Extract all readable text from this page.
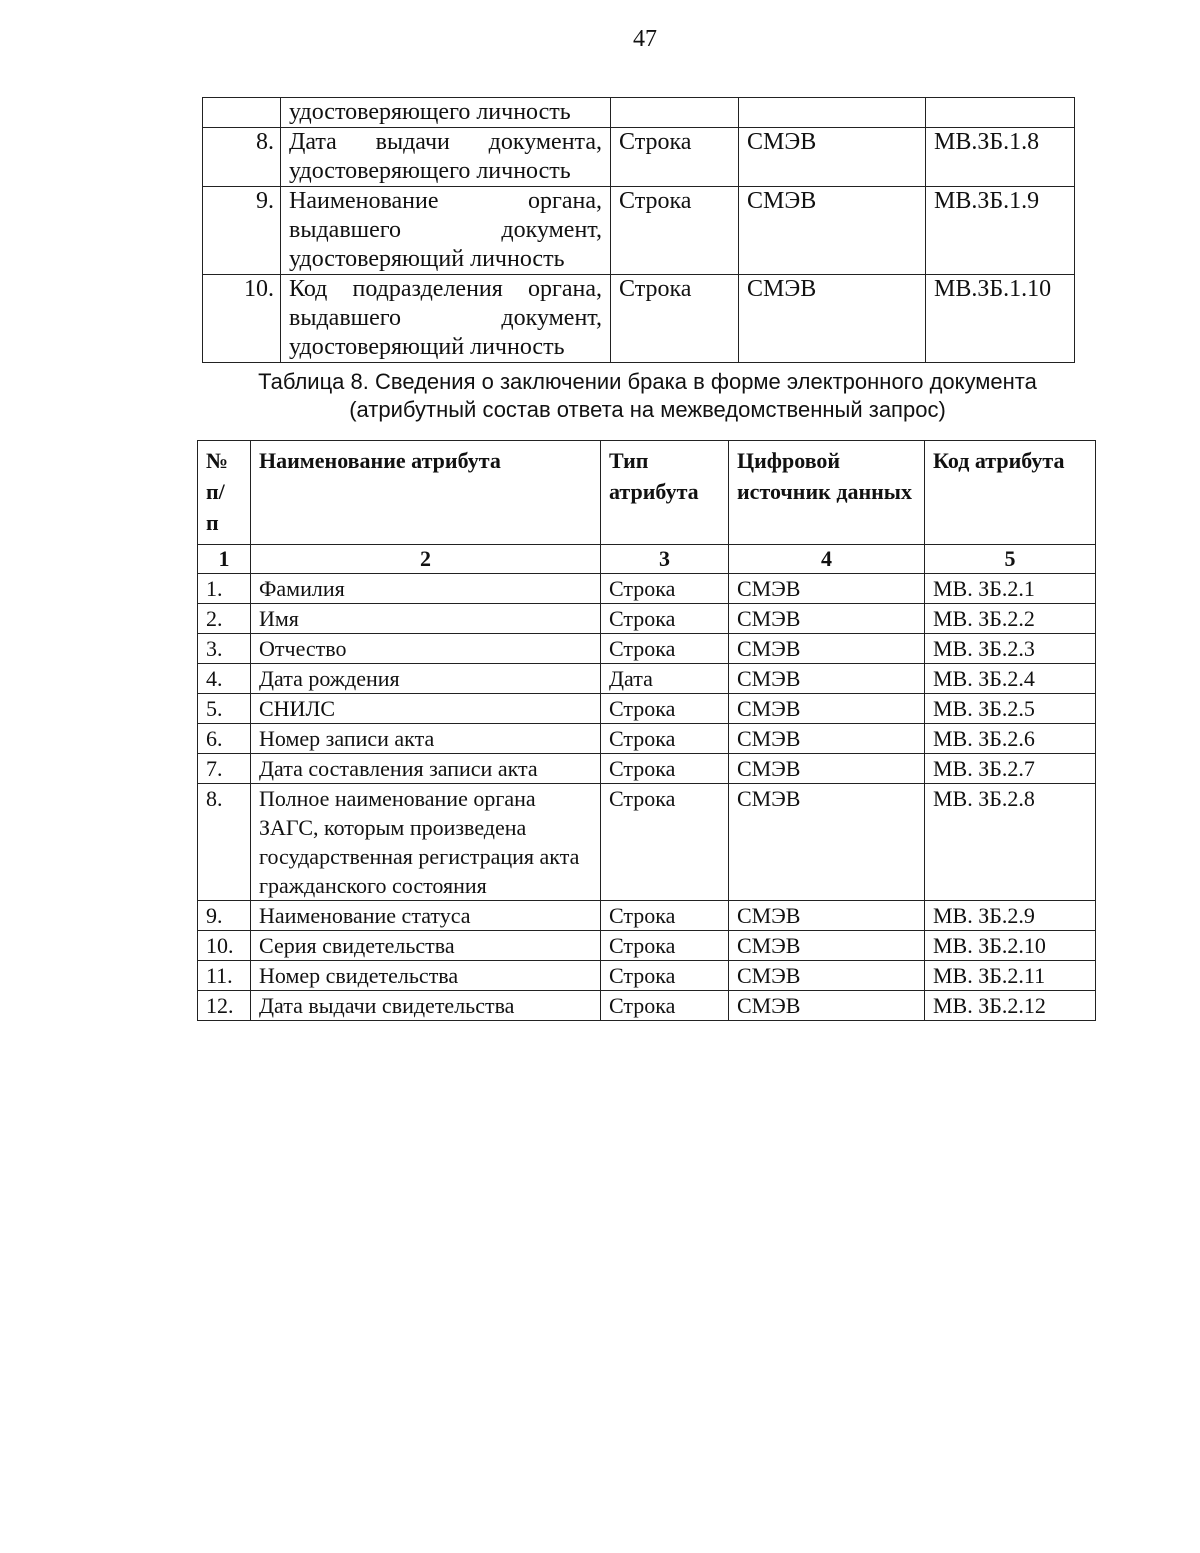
47
	удостоверяющего личность			
8.	Дата выдачи документа, удостоверяющего личность	Строка	СМЭВ	МВ.ЗБ.1.8
9.	Наименование органа, выдавшего документ, удостоверяющий личность	Строка	СМЭВ	МВ.ЗБ.1.9
10.	Код подразделения органа, выдавшего документ, удостоверяющий личность	Строка	СМЭВ	МВ.ЗБ.1.10
Таблица 8. Сведения о заключении брака в форме электронного документа (атрибутный состав ответа на межведомственный запрос)
№ п/ п	Наименование атрибута	Тип атрибута	Цифровой источник данных	Код атрибута
1	2	3	4	5
1.	Фамилия	Строка	СМЭВ	МВ. ЗБ.2.1
2.	Имя	Строка	СМЭВ	МВ. ЗБ.2.2
3.	Отчество	Строка	СМЭВ	МВ. ЗБ.2.3
4.	Дата рождения	Дата	СМЭВ	МВ. ЗБ.2.4
5.	СНИЛС	Строка	СМЭВ	МВ. ЗБ.2.5
6.	Номер записи акта	Строка	СМЭВ	МВ. ЗБ.2.6
7.	Дата составления записи акта	Строка	СМЭВ	МВ. ЗБ.2.7
8.	Полное наименование органа ЗАГС, которым произведена государственная регистрация акта гражданского состояния	Строка	СМЭВ	МВ. ЗБ.2.8
9.	Наименование статуса	Строка	СМЭВ	МВ. ЗБ.2.9
10.	Серия свидетельства	Строка	СМЭВ	МВ. ЗБ.2.10
11.	Номер свидетельства	Строка	СМЭВ	МВ. ЗБ.2.11
12.	Дата выдачи свидетельства	Строка	СМЭВ	МВ. ЗБ.2.12
